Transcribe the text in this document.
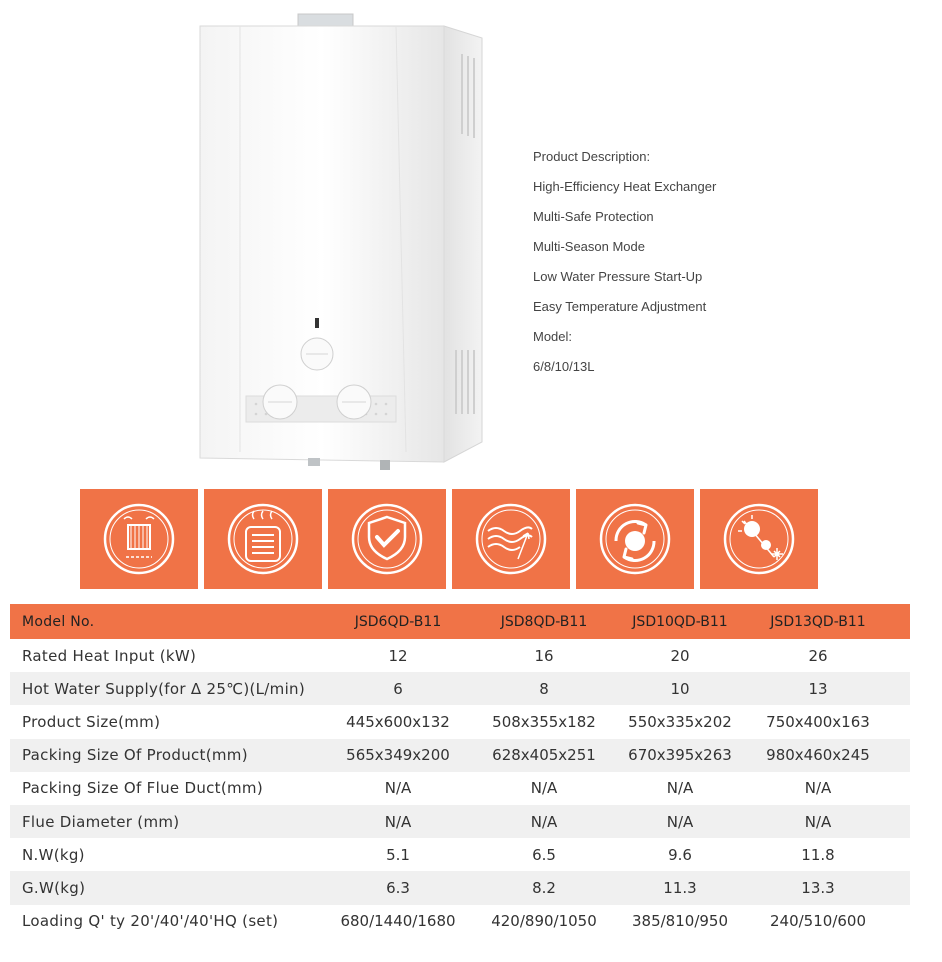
Product Description:
High-Efficiency Heat Exchanger
Multi-Safe Protection
Multi-Season Mode
Low Water Pressure Start-Up
Easy Temperature Adjustment
Model:
6/8/10/13L
Model No.	JSD6QD-B11	JSD8QD-B11	JSD10QD-B11	JSD13QD-B11
Rated Heat Input (kW)	12	16	20	26
Hot Water Supply(for Δ 25℃)(L/min)	6	8	10	13
Product Size(mm)	445x600x132	508x355x182	550x335x202	750x400x163
Packing Size Of Product(mm)	565x349x200	628x405x251	670x395x263	980x460x245
Packing Size Of Flue Duct(mm)	N/A	N/A	N/A	N/A
Flue Diameter (mm)	N/A	N/A	N/A	N/A
N.W(kg)	5.1	6.5	9.6	11.8
G.W(kg)	6.3	8.2	11.3	13.3
Loading Q' ty 20'/40'/40'HQ (set)	680/1440/1680	420/890/1050	385/810/950	240/510/600
